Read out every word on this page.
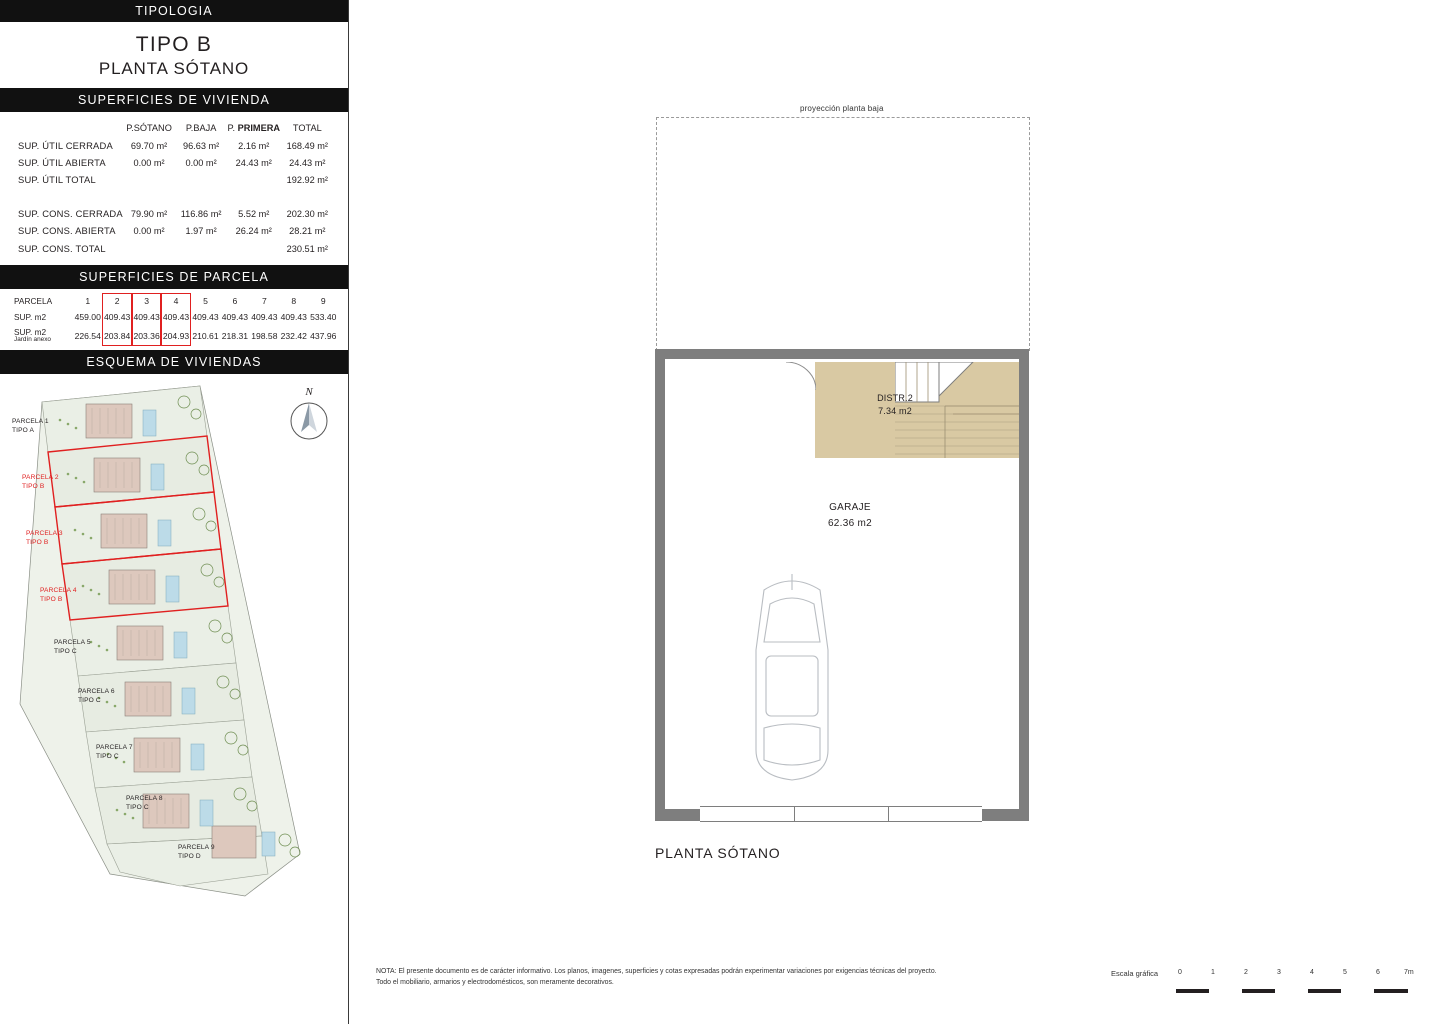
TIPOLOGIA
TIPO B
PLANTA SÓTANO
SUPERFICIES DE VIVIENDA
	P.SÓTANO	P.BAJA	P. PRIMERA	TOTAL
SUP. ÚTIL CERRADA	69.70 m²	96.63 m²	2.16 m²	168.49 m²
SUP. ÚTIL ABIERTA	0.00 m²	0.00 m²	24.43 m²	24.43 m²
SUP. ÚTIL TOTAL				192.92 m²

SUP. CONS. CERRADA	79.90 m²	116.86 m²	5.52 m²	202.30 m²
SUP. CONS. ABIERTA	0.00 m²	1.97 m²	26.24 m²	28.21 m²
SUP. CONS. TOTAL				230.51 m²
SUPERFICIES DE PARCELA
PARCELA	1	2	3	4	5	6	7	8	9
SUP. m2	459.00	409.43	409.43	409.43	409.43	409.43	409.43	409.43	533.40
SUP. m2
Jardín anexo	226.54	203.84	203.36	204.93	210.61	218.31	198.58	232.42	437.96
ESQUEMA DE VIVIENDAS
N
PARCELA 1
TIPO A
PARCELA 2
TIPO B
PARCELA 3
TIPO B
PARCELA 4
TIPO B
PARCELA 5
TIPO C
PARCELA 6
TIPO C
PARCELA 7
TIPO C
PARCELA 8
TIPO C
PARCELA 9
TIPO D
proyección planta baja
DISTR.2
7.34 m2
GARAJE
62.36 m2
PLANTA SÓTANO
NOTA: El presente documento es de carácter informativo. Los planos, imagenes, superficies y cotas expresadas podrán experimentar variaciones por exigencias técnicas del proyecto.
Todo el mobiliario, armarios y electrodomésticos, son meramente decorativos.
Escala gráfica	0	1	2	3	4	5	6	7m
